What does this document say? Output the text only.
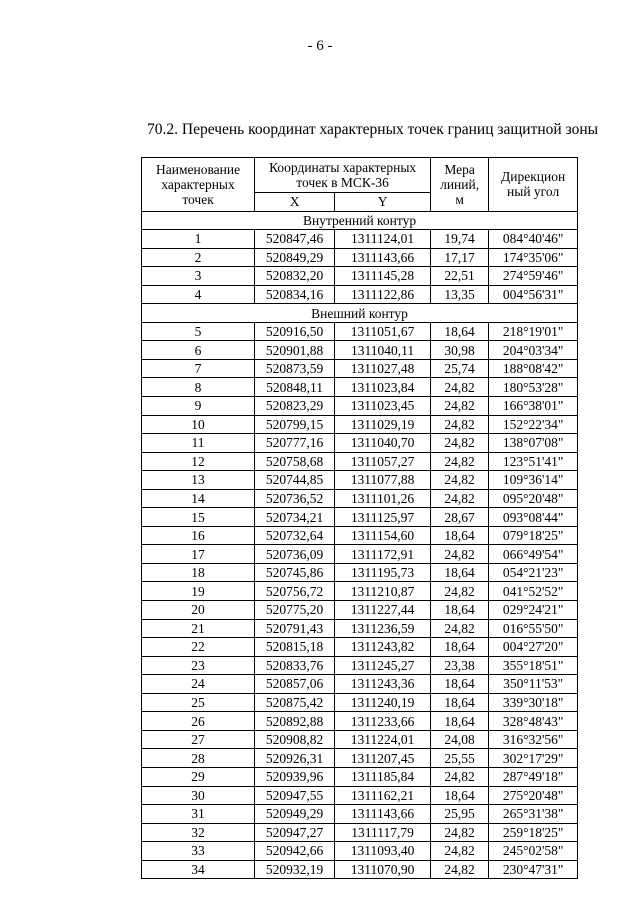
- 6 -
70.2. Перечень координат характерных точек границ защитной зоны
Наименование характерных точек	Координаты характерных точек в МСК-36		Мера линий, м	Дирекцион ный угол
	X	Y		
Внутренний контур				
1	520847,46	1311124,01	19,74	084°40'46"
2	520849,29	1311143,66	17,17	174°35'06"
3	520832,20	1311145,28	22,51	274°59'46"
4	520834,16	1311122,86	13,35	004°56'31"
Внешний контур				
5	520916,50	1311051,67	18,64	218°19'01"
6	520901,88	1311040,11	30,98	204°03'34"
7	520873,59	1311027,48	25,74	188°08'42"
8	520848,11	1311023,84	24,82	180°53'28"
9	520823,29	1311023,45	24,82	166°38'01"
10	520799,15	1311029,19	24,82	152°22'34"
11	520777,16	1311040,70	24,82	138°07'08"
12	520758,68	1311057,27	24,82	123°51'41"
13	520744,85	1311077,88	24,82	109°36'14"
14	520736,52	1311101,26	24,82	095°20'48"
15	520734,21	1311125,97	28,67	093°08'44"
16	520732,64	1311154,60	18,64	079°18'25"
17	520736,09	1311172,91	24,82	066°49'54"
18	520745,86	1311195,73	18,64	054°21'23"
19	520756,72	1311210,87	24,82	041°52'52"
20	520775,20	1311227,44	18,64	029°24'21"
21	520791,43	1311236,59	24,82	016°55'50"
22	520815,18	1311243,82	18,64	004°27'20"
23	520833,76	1311245,27	23,38	355°18'51"
24	520857,06	1311243,36	18,64	350°11'53"
25	520875,42	1311240,19	18,64	339°30'18"
26	520892,88	1311233,66	18,64	328°48'43"
27	520908,82	1311224,01	24,08	316°32'56"
28	520926,31	1311207,45	25,55	302°17'29"
29	520939,96	1311185,84	24,82	287°49'18"
30	520947,55	1311162,21	18,64	275°20'48"
31	520949,29	1311143,66	25,95	265°31'38"
32	520947,27	1311117,79	24,82	259°18'25"
33	520942,66	1311093,40	24,82	245°02'58"
34	520932,19	1311070,90	24,82	230°47'31"
